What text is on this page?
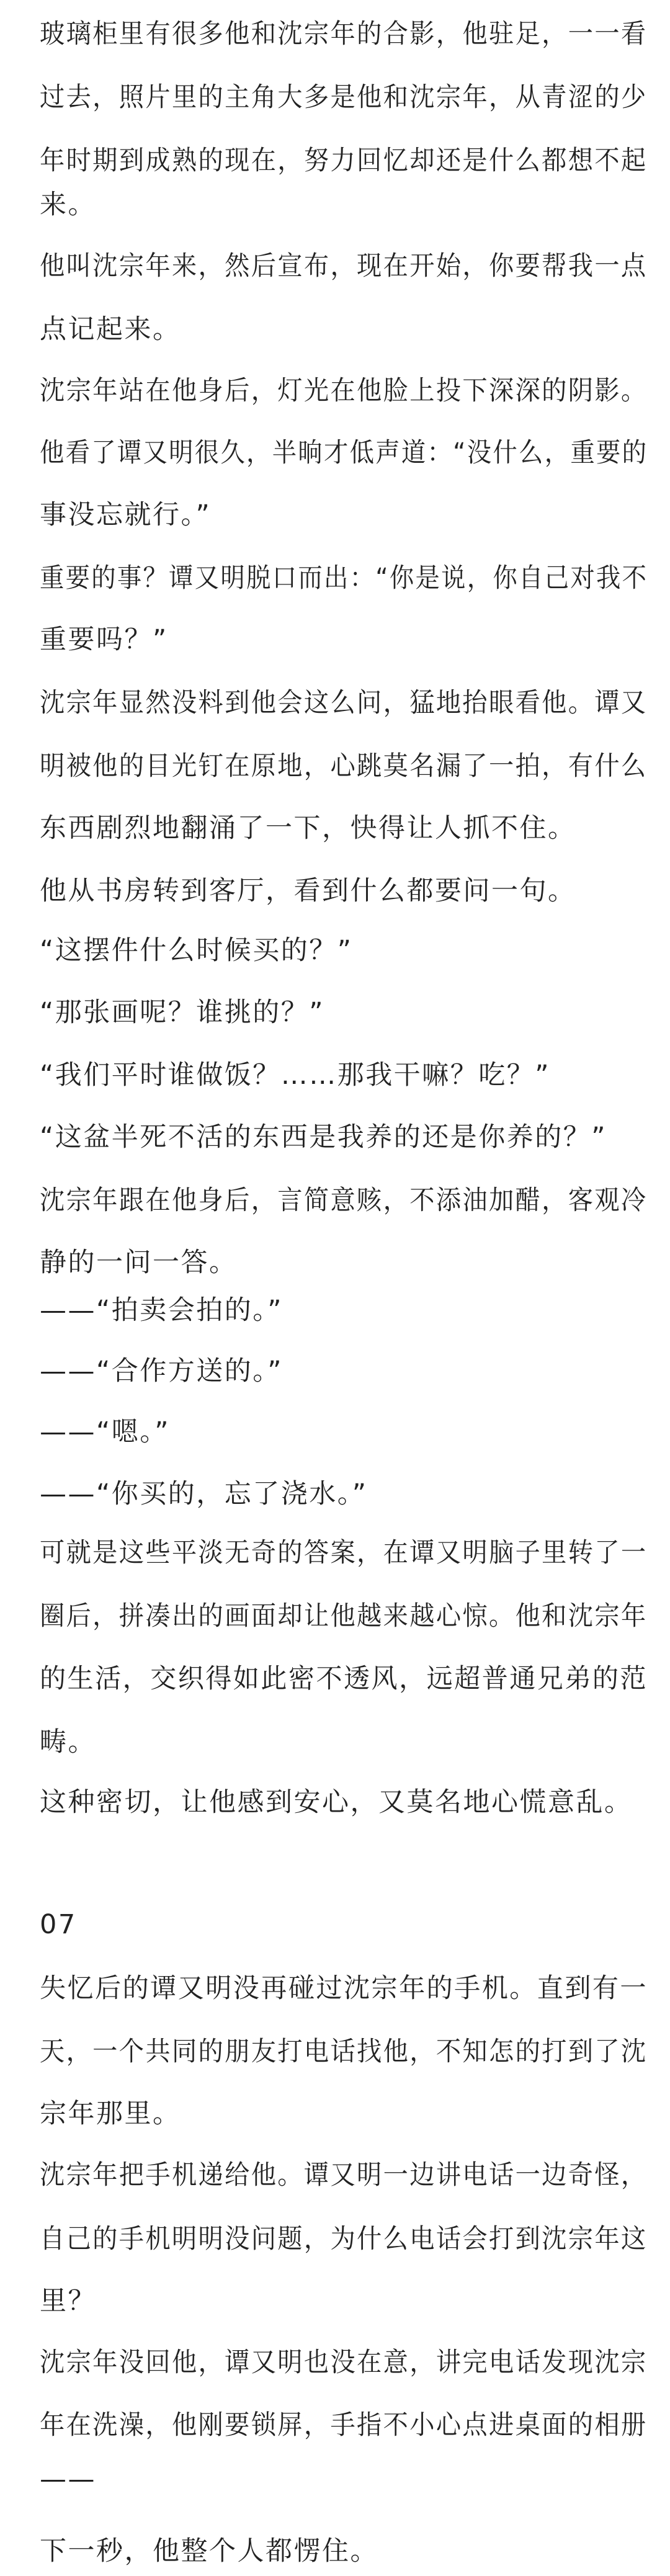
玻璃柜里有很多他和沈宗年的合影，他驻足，一一看
过去，照片里的主角大多是他和沈宗年，从青涩的少
年时期到成熟的现在，努力回忆却还是什么都想不起
来。
他叫沈宗年来，然后宣布，现在开始，你要帮我一点
点记起来。
沈宗年站在他身后，灯光在他脸上投下深深的阴影。
他看了谭又明很久，半晌才低声道：“没什么，重要的
事没忘就行。”
重要的事？谭又明脱口而出：“你是说，你自己对我不
重要吗？”
沈宗年显然没料到他会这么问，猛地抬眼看他。谭又
明被他的目光钉在原地，心跳莫名漏了一拍，有什么
东西剧烈地翻涌了一下，快得让人抓不住。
他从书房转到客厅，看到什么都要问一句。
“这摆件什么时候买的？”
“那张画呢？谁挑的？”
“我们平时谁做饭？……那我干嘛？吃？”
“这盆半死不活的东西是我养的还是你养的？”
沈宗年跟在他身后，言简意赅，不添油加醋，客观冷
静的一问一答。
——“拍卖会拍的。”
——“合作方送的。”
——“嗯。”
——“你买的，忘了浇水。”
可就是这些平淡无奇的答案，在谭又明脑子里转了一
圈后，拼凑出的画面却让他越来越心惊。他和沈宗年
的生活，交织得如此密不透风，远超普通兄弟的范
畴。
这种密切，让他感到安心，又莫名地心慌意乱。
07
失忆后的谭又明没再碰过沈宗年的手机。直到有一
天，一个共同的朋友打电话找他，不知怎的打到了沈
宗年那里。
沈宗年把手机递给他。谭又明一边讲电话一边奇怪，
自己的手机明明没问题，为什么电话会打到沈宗年这
里？
沈宗年没回他，谭又明也没在意，讲完电话发现沈宗
年在洗澡，他刚要锁屏，手指不小心点进桌面的相册
——
下一秒，他整个人都愣住。
